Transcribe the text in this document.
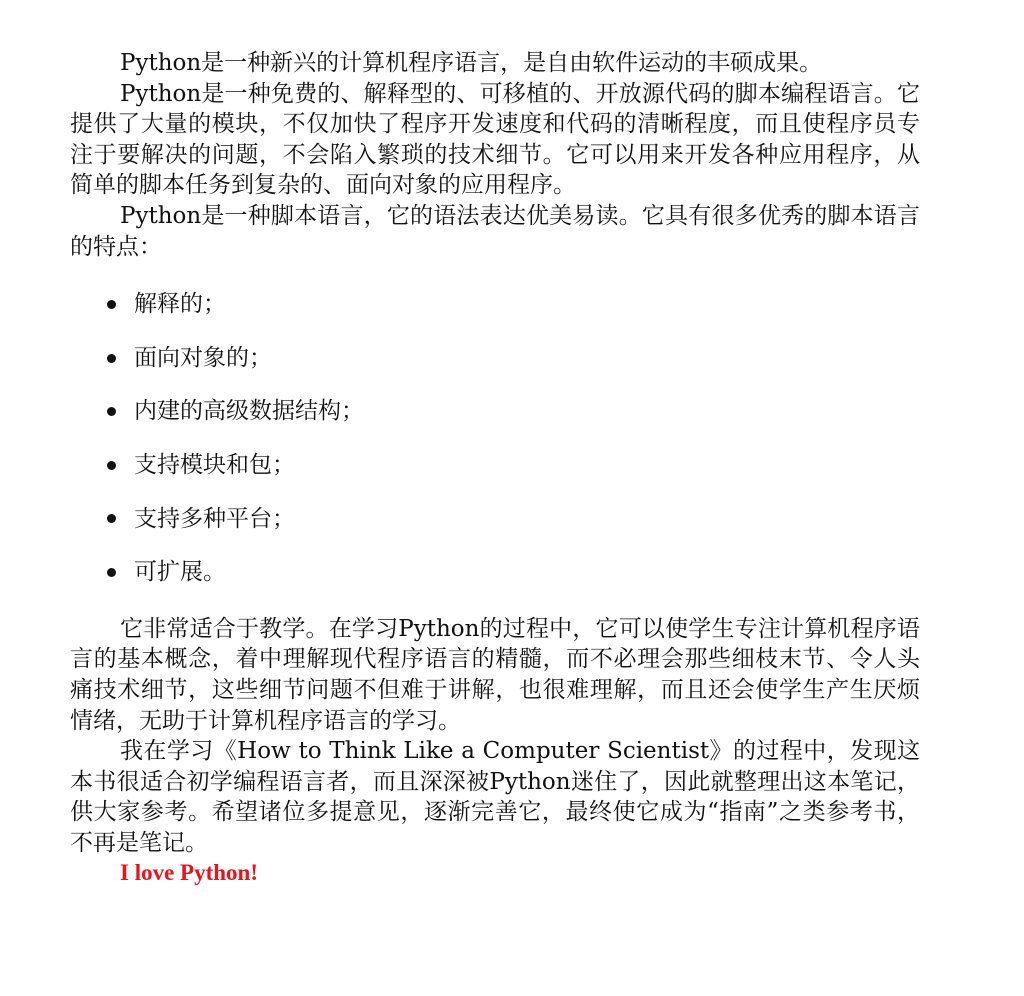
Python是一种新兴的计算机程序语言，是自由软件运动的丰硕成果。

Python是一种免费的、解释型的、可移植的、开放源代码的脚本编程语言。它提供了大量的模块，不仅加快了程序开发速度和代码的清晰程度，而且使程序员专注于要解决的问题，不会陷入繁琐的技术细节。它可以用来开发各种应用程序，从简单的脚本任务到复杂的、面向对象的应用程序。

Python是一种脚本语言，它的语法表达优美易读。它具有很多优秀的脚本语言的特点：

解释的；
面向对象的；
内建的高级数据结构；
支持模块和包；
支持多种平台；
可扩展。

它非常适合于教学。在学习Python的过程中，它可以使学生专注计算机程序语言的基本概念，着中理解现代程序语言的精髓，而不必理会那些细枝末节、令人头痛技术细节，这些细节问题不但难于讲解，也很难理解，而且还会使学生产生厌烦情绪，无助于计算机程序语言的学习。

我在学习《How to Think Like a Computer Scientist》的过程中，发现这本书很适合初学编程语言者，而且深深被Python迷住了，因此就整理出这本笔记，供大家参考。希望诸位多提意见，逐渐完善它，最终使它成为“指南”之类参考书，不再是笔记。

I love Python!
